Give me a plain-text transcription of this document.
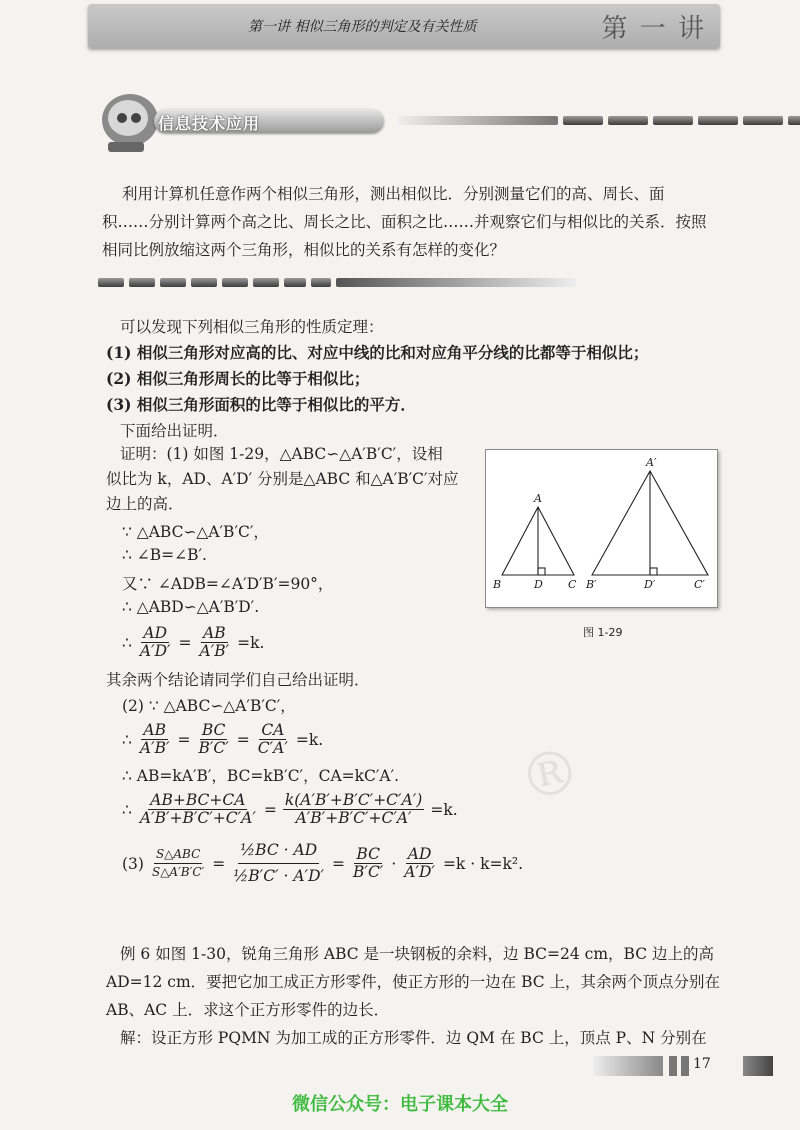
第一讲 相似三角形的判定及有关性质	第 一 讲
信息技术应用
利用计算机任意作两个相似三角形，测出相似比．分别测量它们的高、周长、面
积……分别计算两个高之比、周长之比、面积之比……并观察它们与相似比的关系．按照
相同比例放缩这两个三角形，相似比的关系有怎样的变化？
可以发现下列相似三角形的性质定理：
(1) 相似三角形对应高的比、对应中线的比和对应角平分线的比都等于相似比；
(2) 相似三角形周长的比等于相似比；
(3) 相似三角形面积的比等于相似比的平方．
下面给出证明．
证明：(1) 如图 1-29，△ABC∽△A′B′C′，设相
似比为 k，AD、A′D′ 分别是△ABC 和△A′B′C′对应
边上的高．	A
B	C
D
A′
B′	C′
D′
图 1-29
∵ △ABC∽△A′B′C′，
∴ ∠B=∠B′.
又∵ ∠ADB=∠A′D′B′=90°，
∴ △ABD∽△A′B′D′.
∴ $\frac{AD}{A'D'} = \frac{AB}{A'B'} =k$.
其余两个结论请同学们自己给出证明．
(2) ∵ △ABC∽△A′B′C′，
∴ $\frac{AB}{A'B'} = \frac{BC}{B'C'} = \frac{CA}{C'A'} =k$.
∴ AB=kA′B′，BC=kB′C′，CA=kC′A′.
∴ $\frac{AB+BC+CA}{A'B'+B'C'+C'A'} = \frac{k(A'B'+B'C'+C'A')}{A'B'+B'C'+C'A'} =k$.
$(3) \frac{\text{S△ABC}}{S\triangle A'B'C'} = \frac{\text{½BC · AD}}{\text{½B′C′ · A′D′}} = \frac{BC}{B'C'} \cdot \frac{AD}{A'D'} =k \cdot k=k^2$.
®
例 6 如图 1-30，锐角三角形 ABC 是一块钢板的余料，边 BC=24 cm，BC 边上的高
AD=12 cm．要把它加工成正方形零件，使正方形的一边在 BC 上，其余两个顶点分别在
AB、AC 上．求这个正方形零件的边长．
解：设正方形 PQMN 为加工成的正方形零件．边 QM 在 BC 上，顶点 P、N 分别在
17
微信公众号：电子课本大全
